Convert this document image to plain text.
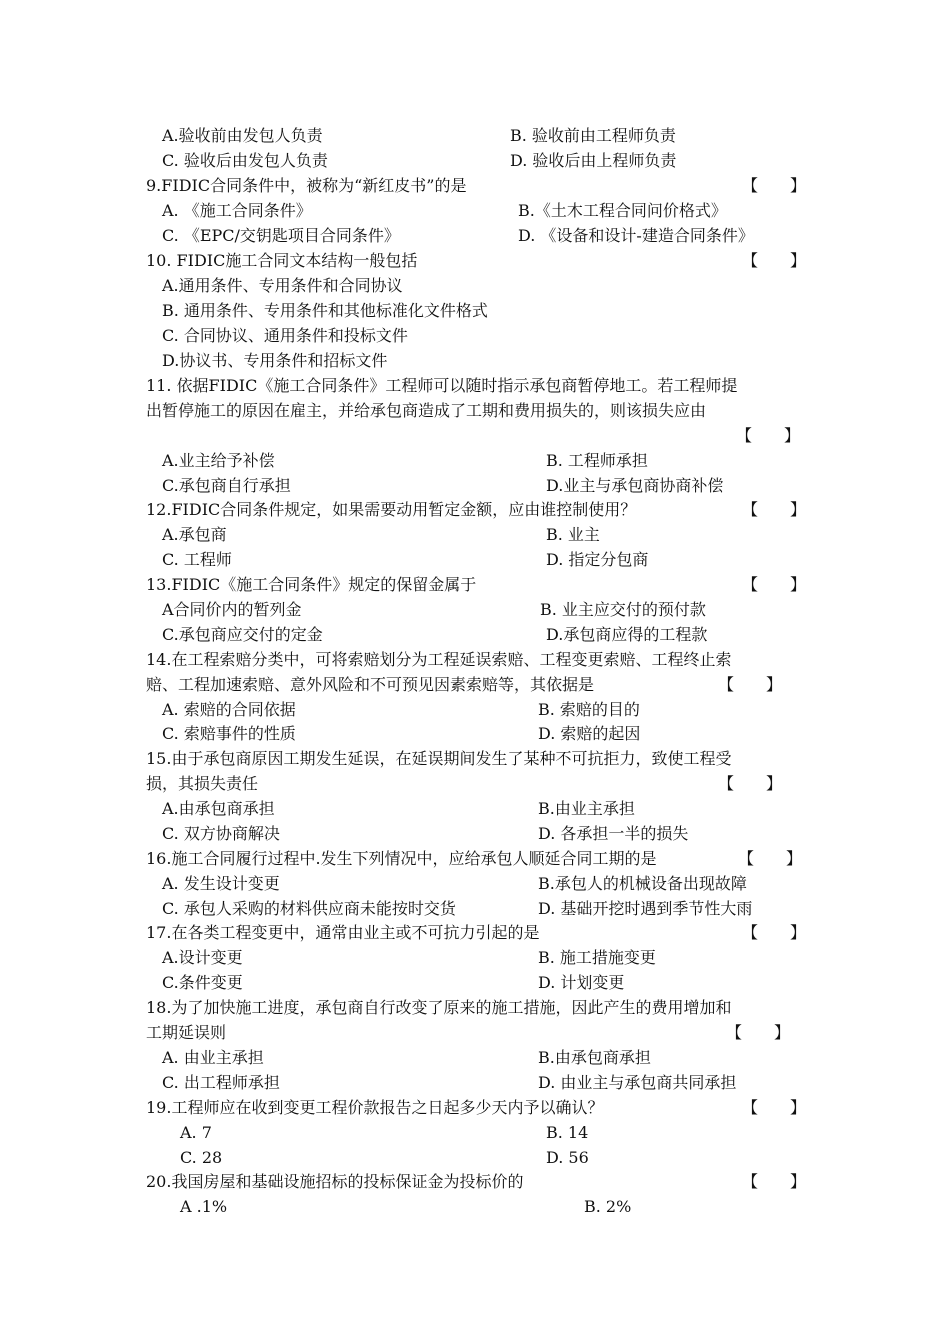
A.验收前由发包人负责	B. 验收前由工程师负责
C. 验收后由发包人负责	D. 验收后由上程师负责
9.FIDIC合同条件中，被称为“新红皮书”的是	【　　】
A. 《施工合同条件》	B.《土木工程合同问价格式》
C. 《EPC/交钥匙项目合同条件》	D. 《设备和设计-建造合同条件》
10. FIDIC施工合同文本结构一般包括	【　　】
A.通用条件、专用条件和合同协议
B. 通用条件、专用条件和其他标准化文件格式
C. 合同协议、通用条件和投标文件
D.协议书、专用条件和招标文件
11. 依据FIDIC《施工合同条件》工程师可以随时指示承包商暂停地工。若工程师提
出暂停施工的原因在雇主，并给承包商造成了工期和费用损失的，则该损失应由
【　　】
A.业主给予补偿	B. 工程师承担
C.承包商自行承担	D.业主与承包商协商补偿
12.FIDIC合同条件规定，如果需要动用暂定金额，应由谁控制使用？	【　　】
A.承包商	B. 业主
C. 工程师	D. 指定分包商
13.FIDIC《施工合同条件》规定的保留金属于	【　　】
A合同价内的暂列金	B. 业主应交付的预付款
C.承包商应交付的定金	D.承包商应得的工程款
14.在工程索赔分类中，可将索赔划分为工程延误索赔、工程变更索赔、工程终止索
赔、工程加速索赔、意外风险和不可预见因素索赔等，其依据是	【　　】
A. 索赔的合同依据	B. 索赔的目的
C. 索赔事件的性质	D. 索赔的起因
15.由于承包商原因工期发生延误，在延误期间发生了某种不可抗拒力，致使工程受
损，其损失责任	【　　】
A.由承包商承担	B.由业主承担
C. 双方协商解决	D. 各承担一半的损失
16.施工合同履行过程中.发生下列情况中，应给承包人顺延合同工期的是	【　　】
A. 发生设计变更	B.承包人的机械设备出现故障
C. 承包人采购的材料供应商未能按时交货	D. 基础开挖时遇到季节性大雨
17.在各类工程变更中，通常由业主或不可抗力引起的是	【　　】
A.设计变更	B. 施工措施变更
C.条件变更	D. 计划变更
18.为了加快施工进度，承包商自行改变了原来的施工措施，因此产生的费用增加和
工期延误则	【　　】
A. 由业主承担	B.由承包商承担
C. 出工程师承担	D. 由业主与承包商共同承担
19.工程师应在收到变更工程价款报告之日起多少天内予以确认？	【　　】
A. 7	B. 14
C. 28	D. 56
20.我国房屋和基础设施招标的投标保证金为投标价的	【　　】
A .1%	B. 2%
